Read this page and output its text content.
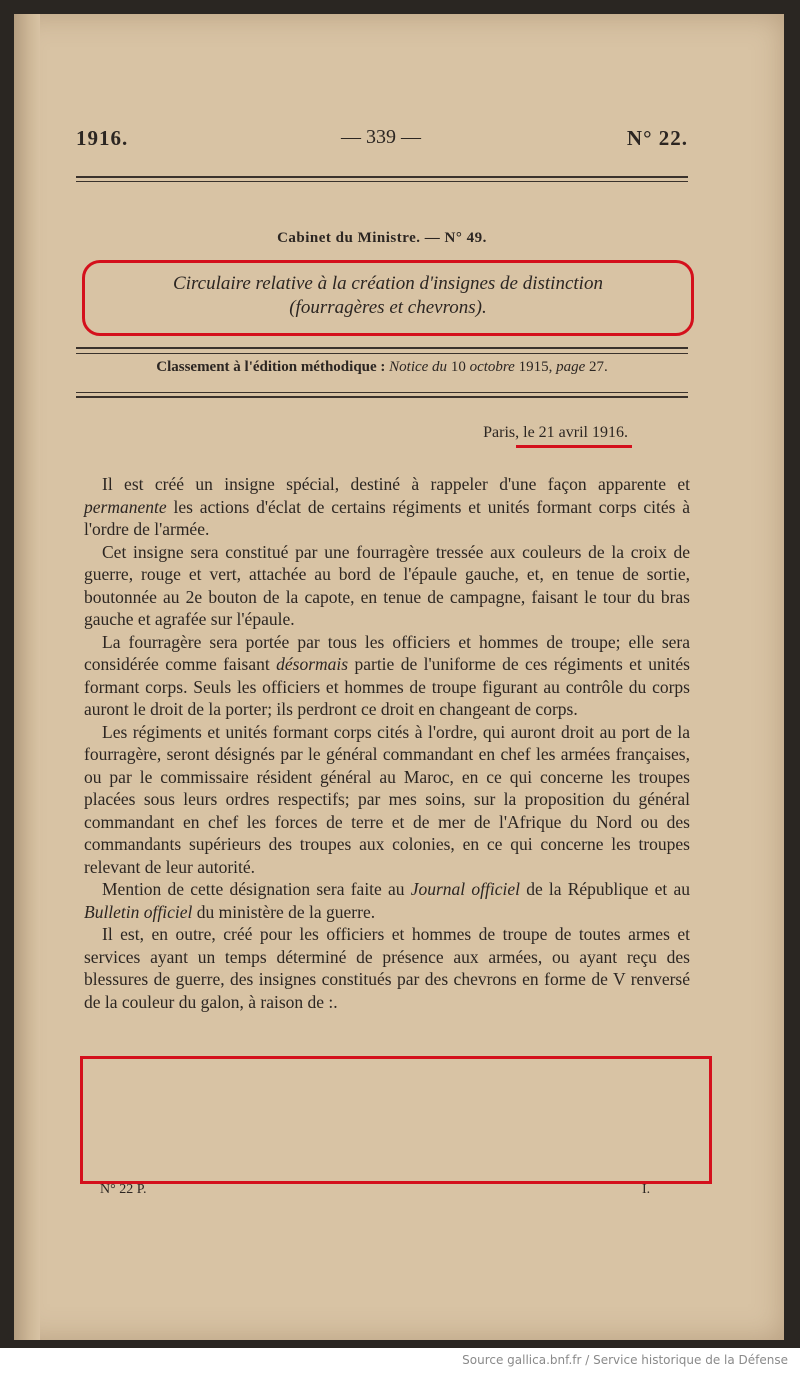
1916.	— 339 —	N° 22.
Cabinet du Ministre. — N° 49.
Circulaire relative à la création d'insignes de distinction
(fourragères et chevrons).
Classement à l'édition méthodique : Notice du 10 octobre 1915, page 27.
Paris, le 21 avril 1916.

Il est créé un insigne spécial, destiné à rappeler d'une façon apparente et permanente les actions d'éclat de certains régiments et unités formant corps cités à l'ordre de l'armée.

Cet insigne sera constitué par une fourragère tressée aux couleurs de la croix de guerre, rouge et vert, attachée au bord de l'épaule gauche, et, en tenue de sortie, boutonnée au 2e bouton de la capote, en tenue de campagne, faisant le tour du bras gauche et agrafée sur l'épaule.

La fourragère sera portée par tous les officiers et hommes de troupe; elle sera considérée comme faisant désormais partie de l'uniforme de ces régiments et unités formant corps. Seuls les officiers et hommes de troupe figurant au contrôle du corps auront le droit de la porter; ils perdront ce droit en changeant de corps.

Les régiments et unités formant corps cités à l'ordre, qui auront droit au port de la fourragère, seront désignés par le général commandant en chef les armées françaises, ou par le commissaire résident général au Maroc, en ce qui concerne les troupes placées sous leurs ordres respectifs; par mes soins, sur la proposition du général commandant en chef les forces de terre et de mer de l'Afrique du Nord ou des commandants supérieurs des troupes aux colonies, en ce qui concerne les troupes relevant de leur autorité.

Mention de cette désignation sera faite au Journal officiel de la République et au Bulletin officiel du ministère de la guerre.

Il est, en outre, créé pour les officiers et hommes de troupe de toutes armes et services ayant un temps déterminé de présence aux armées, ou ayant reçu des blessures de guerre, des insignes constitués par des chevrons en forme de V renversé de la couleur du galon, à raison de :.

N° 22 P.	I.
Source gallica.bnf.fr / Service historique de la Défense
